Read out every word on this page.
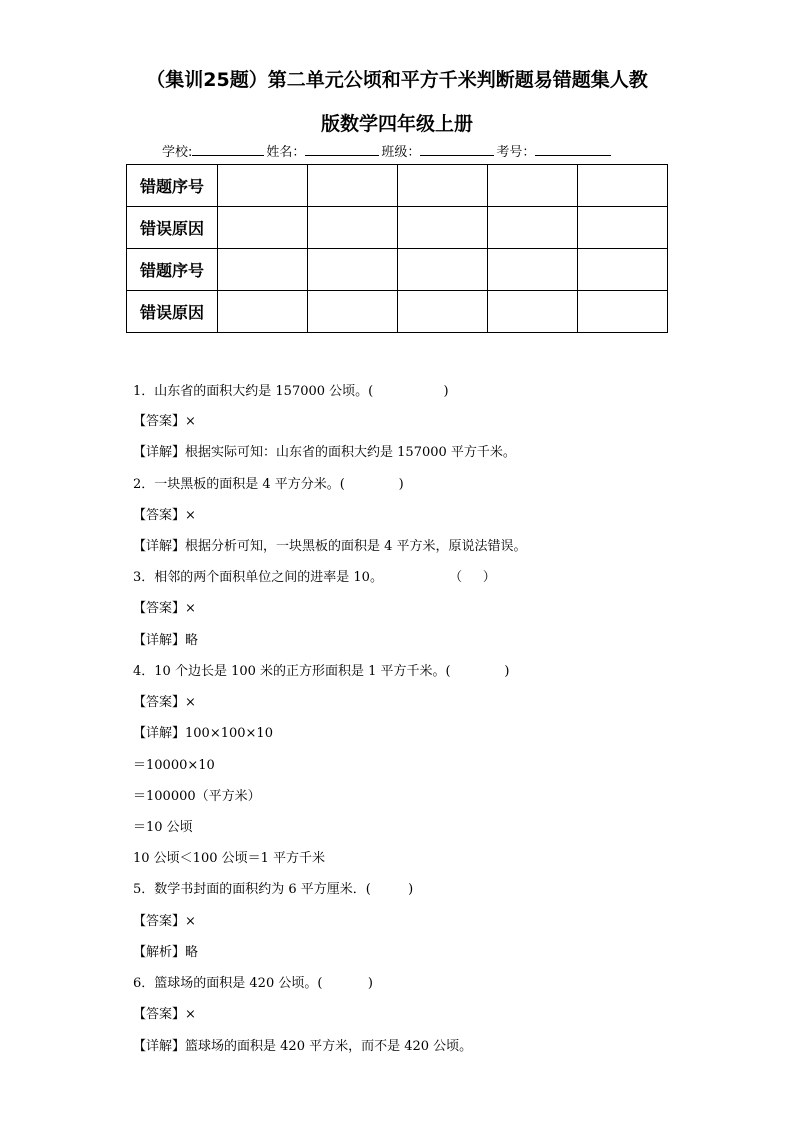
（集训25题）第二单元公顷和平方千米判断题易错题集人教
版数学四年级上册
学校:	姓名：	班级：	考号：
错题序号					
错误原因					
错题序号					
错误原因					
1．山东省的面积大约是 157000 公顷。(                 )
【答案】×
【详解】根据实际可知：山东省的面积大约是 157000 平方千米。
2．一块黑板的面积是 4 平方分米。(             )
【答案】×
【详解】根据分析可知，一块黑板的面积是 4 平方米，原说法错误。
3．相邻的两个面积单位之间的进率是 10。                （     ）
【答案】×
【详解】略
4．10 个边长是 100 米的正方形面积是 1 平方千米。(             )
【答案】×
【详解】100×100×10
＝10000×10
＝100000（平方米）
＝10 公顷
10 公顷＜100 公顷＝1 平方千米
5．数学书封面的面积约为 6 平方厘米．(         )
【答案】×
【解析】略
6．篮球场的面积是 420 公顷。(           )
【答案】×
【详解】篮球场的面积是 420 平方米，而不是 420 公顷。
